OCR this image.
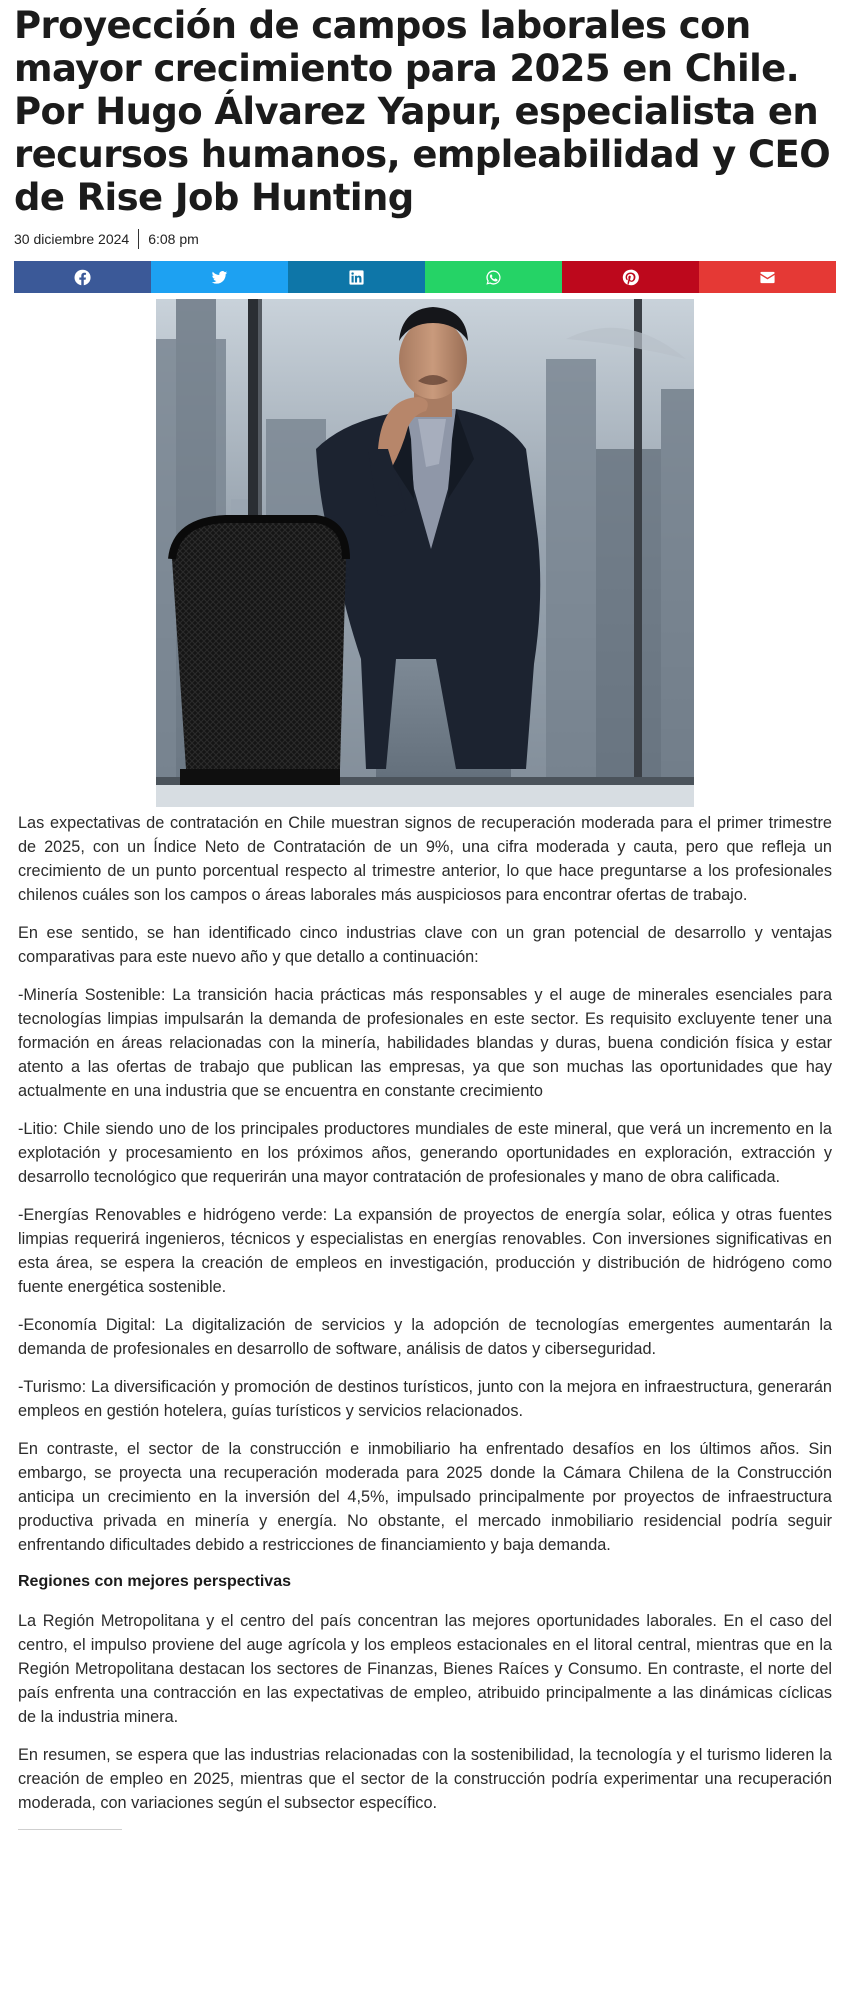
Proyección de campos laborales con mayor crecimiento para 2025 en Chile. Por Hugo Álvarez Yapur, especialista en recursos humanos, empleabilidad y CEO de Rise Job Hunting
30 diciembre 2024 6:08 pm

Las expectativas de contratación en Chile muestran signos de recuperación moderada para el primer trimestre de 2025, con un Índice Neto de Contratación de un 9%, una cifra moderada y cauta, pero que refleja un crecimiento de un punto porcentual respecto al trimestre anterior, lo que hace preguntarse a los profesionales chilenos cuáles son los campos o áreas laborales más auspiciosos para encontrar ofertas de trabajo.

En ese sentido, se han identificado cinco industrias clave con un gran potencial de desarrollo y ventajas comparativas para este nuevo año y que detallo a continuación:

-Minería Sostenible: La transición hacia prácticas más responsables y el auge de minerales esenciales para tecnologías limpias impulsarán la demanda de profesionales en este sector. Es requisito excluyente tener una formación en áreas relacionadas con la minería, habilidades blandas y duras, buena condición física y estar atento a las ofertas de trabajo que publican las empresas, ya que son muchas las oportunidades que hay actualmente en una industria que se encuentra en constante crecimiento

-Litio: Chile siendo uno de los principales productores mundiales de este mineral, que verá un incremento en la explotación y procesamiento en los próximos años, generando oportunidades en exploración, extracción y desarrollo tecnológico que requerirán una mayor contratación de profesionales y mano de obra calificada.

-Energías Renovables e hidrógeno verde: La expansión de proyectos de energía solar, eólica y otras fuentes limpias requerirá ingenieros, técnicos y especialistas en energías renovables. Con inversiones significativas en esta área, se espera la creación de empleos en investigación, producción y distribución de hidrógeno como fuente energética sostenible.

-Economía Digital: La digitalización de servicios y la adopción de tecnologías emergentes aumentarán la demanda de profesionales en desarrollo de software, análisis de datos y ciberseguridad.

-Turismo: La diversificación y promoción de destinos turísticos, junto con la mejora en infraestructura, generarán empleos en gestión hotelera, guías turísticos y servicios relacionados.

En contraste, el sector de la construcción e inmobiliario ha enfrentado desafíos en los últimos años. Sin embargo, se proyecta una recuperación moderada para 2025 donde la Cámara Chilena de la Construcción anticipa un crecimiento en la inversión del 4,5%, impulsado principalmente por proyectos de infraestructura productiva privada en minería y energía. No obstante, el mercado inmobiliario residencial podría seguir enfrentando dificultades debido a restricciones de financiamiento y baja demanda.

Regiones con mejores perspectivas

La Región Metropolitana y el centro del país concentran las mejores oportunidades laborales. En el caso del centro, el impulso proviene del auge agrícola y los empleos estacionales en el litoral central, mientras que en la Región Metropolitana destacan los sectores de Finanzas, Bienes Raíces y Consumo. En contraste, el norte del país enfrenta una contracción en las expectativas de empleo, atribuido principalmente a las dinámicas cíclicas de la industria minera.

En resumen, se espera que las industrias relacionadas con la sostenibilidad, la tecnología y el turismo lideren la creación de empleo en 2025, mientras que el sector de la construcción podría experimentar una recuperación moderada, con variaciones según el subsector específico.
